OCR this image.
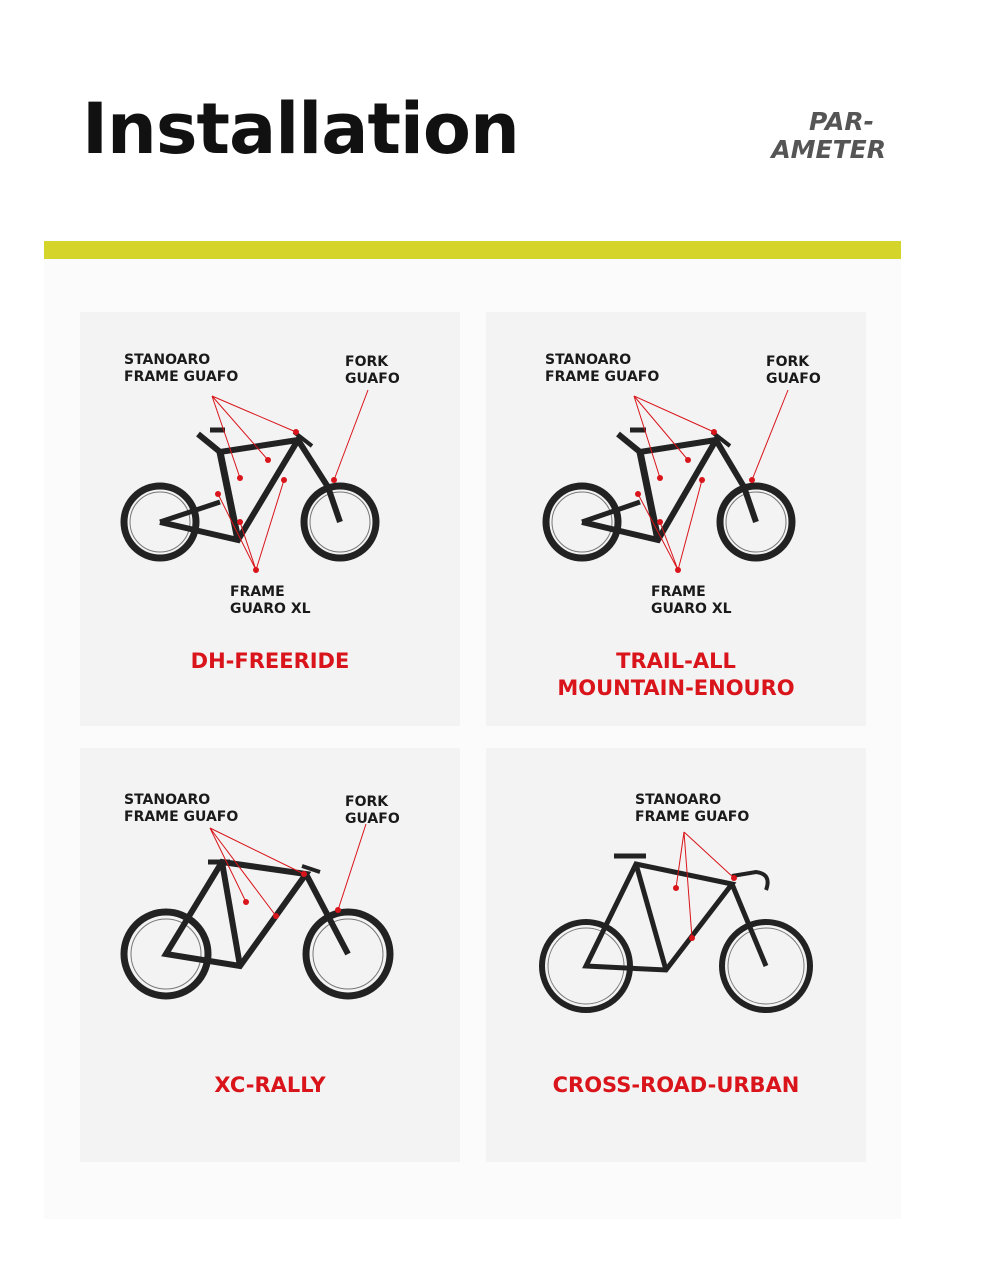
Installation	PAR-
AMETER
STANOARO
FRAME GUAFO
FORK
GUAFO
FRAME
GUARO XL
DH-FREERIDE
STANOARO
FRAME GUAFO
FORK
GUAFO
FRAME
GUARO XL
TRAIL-ALL
MOUNTAIN-ENOURO
STANOARO
FRAME GUAFO
FORK
GUAFO
XC-RALLY
STANOARO
FRAME GUAFO
CROSS-ROAD-URBAN
